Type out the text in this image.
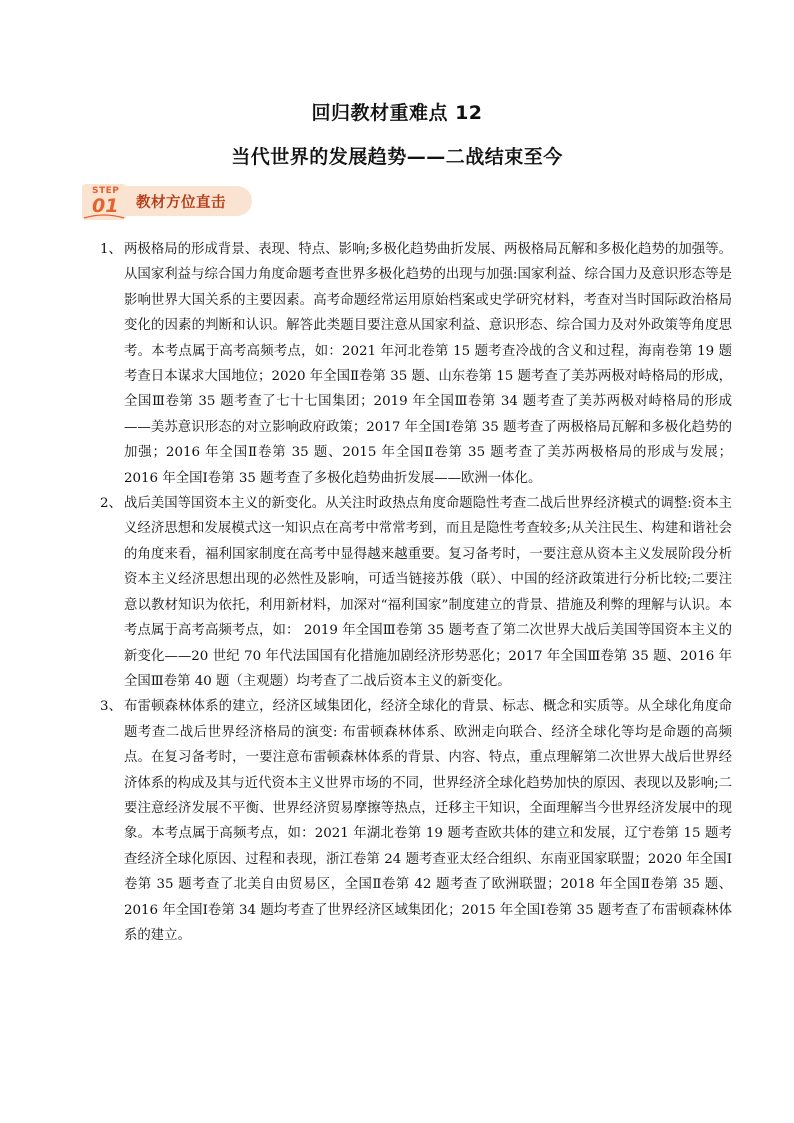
回归教材重难点 12
当代世界的发展趋势——二战结束至今
STEP
01 教材方位直击
1、 两极格局的形成背景、表现、特点、影响;多极化趋势曲折发展、两极格局瓦解和多极化趋势的加强等。从国家利益与综合国力角度命题考查世界多极化趋势的出现与加强:国家利益、综合国力及意识形态等是影响世界大国关系的主要因素。高考命题经常运用原始档案或史学研究材料，考查对当时国际政治格局变化的因素的判断和认识。解答此类题目要注意从国家利益、意识形态、综合国力及对外政策等角度思考。本考点属于高考高频考点，如：2021 年河北卷第 15 题考查冷战的含义和过程，海南卷第 19 题考查日本谋求大国地位；2020 年全国Ⅱ卷第 35 题、山东卷第 15 题考查了美苏两极对峙格局的形成，全国Ⅲ卷第 35 题考查了七十七国集团；2019 年全国Ⅲ卷第 34 题考查了美苏两极对峙格局的形成——美苏意识形态的对立影响政府政策；2017 年全国Ⅰ卷第 35 题考查了两极格局瓦解和多极化趋势的加强；2016 年全国Ⅱ卷第 35 题、2015 年全国Ⅱ卷第 35 题考查了美苏两极格局的形成与发展；2016 年全国Ⅰ卷第 35 题考查了多极化趋势曲折发展——欧洲一体化。
2、 战后美国等国资本主义的新变化。从关注时政热点角度命题隐性考查二战后世界经济模式的调整:资本主义经济思想和发展模式这一知识点在高考中常常考到，而且是隐性考查较多;从关注民生、构建和谐社会的角度来看，福利国家制度在高考中显得越来越重要。复习备考时，一要注意从资本主义发展阶段分析资本主义经济思想出现的必然性及影响，可适当链接苏俄（联）、中国的经济政策进行分析比较;二要注意以教材知识为依托，利用新材料，加深对“福利国家”制度建立的背景、措施及利弊的理解与认识。本考点属于高考高频考点，如： 2019 年全国Ⅲ卷第 35 题考查了第二次世界大战后美国等国资本主义的新变化——20 世纪 70 年代法国国有化措施加剧经济形势恶化；2017 年全国Ⅲ卷第 35 题、2016 年全国Ⅲ卷第 40 题（主观题）均考查了二战后资本主义的新变化。
3、 布雷顿森林体系的建立，经济区域集团化，经济全球化的背景、标志、概念和实质等。从全球化角度命题考查二战后世界经济格局的演变: 布雷顿森林体系、欧洲走向联合、经济全球化等均是命题的高频点。在复习备考时，一要注意布雷顿森林体系的背景、内容、特点，重点理解第二次世界大战后世界经济体系的构成及其与近代资本主义世界市场的不同，世界经济全球化趋势加快的原因、表现以及影响;二要注意经济发展不平衡、世界经济贸易摩擦等热点，迁移主干知识，全面理解当今世界经济发展中的现象。本考点属于高频考点，如：2021 年湖北卷第 19 题考查欧共体的建立和发展，辽宁卷第 15 题考查经济全球化原因、过程和表现，浙江卷第 24 题考查亚太经合组织、东南亚国家联盟；2020 年全国Ⅰ卷第 35 题考查了北美自由贸易区，全国Ⅱ卷第 42 题考查了欧洲联盟；2018 年全国Ⅱ卷第 35 题、2016 年全国Ⅰ卷第 34 题均考查了世界经济区域集团化；2015 年全国Ⅰ卷第 35 题考查了布雷顿森林体系的建立。
